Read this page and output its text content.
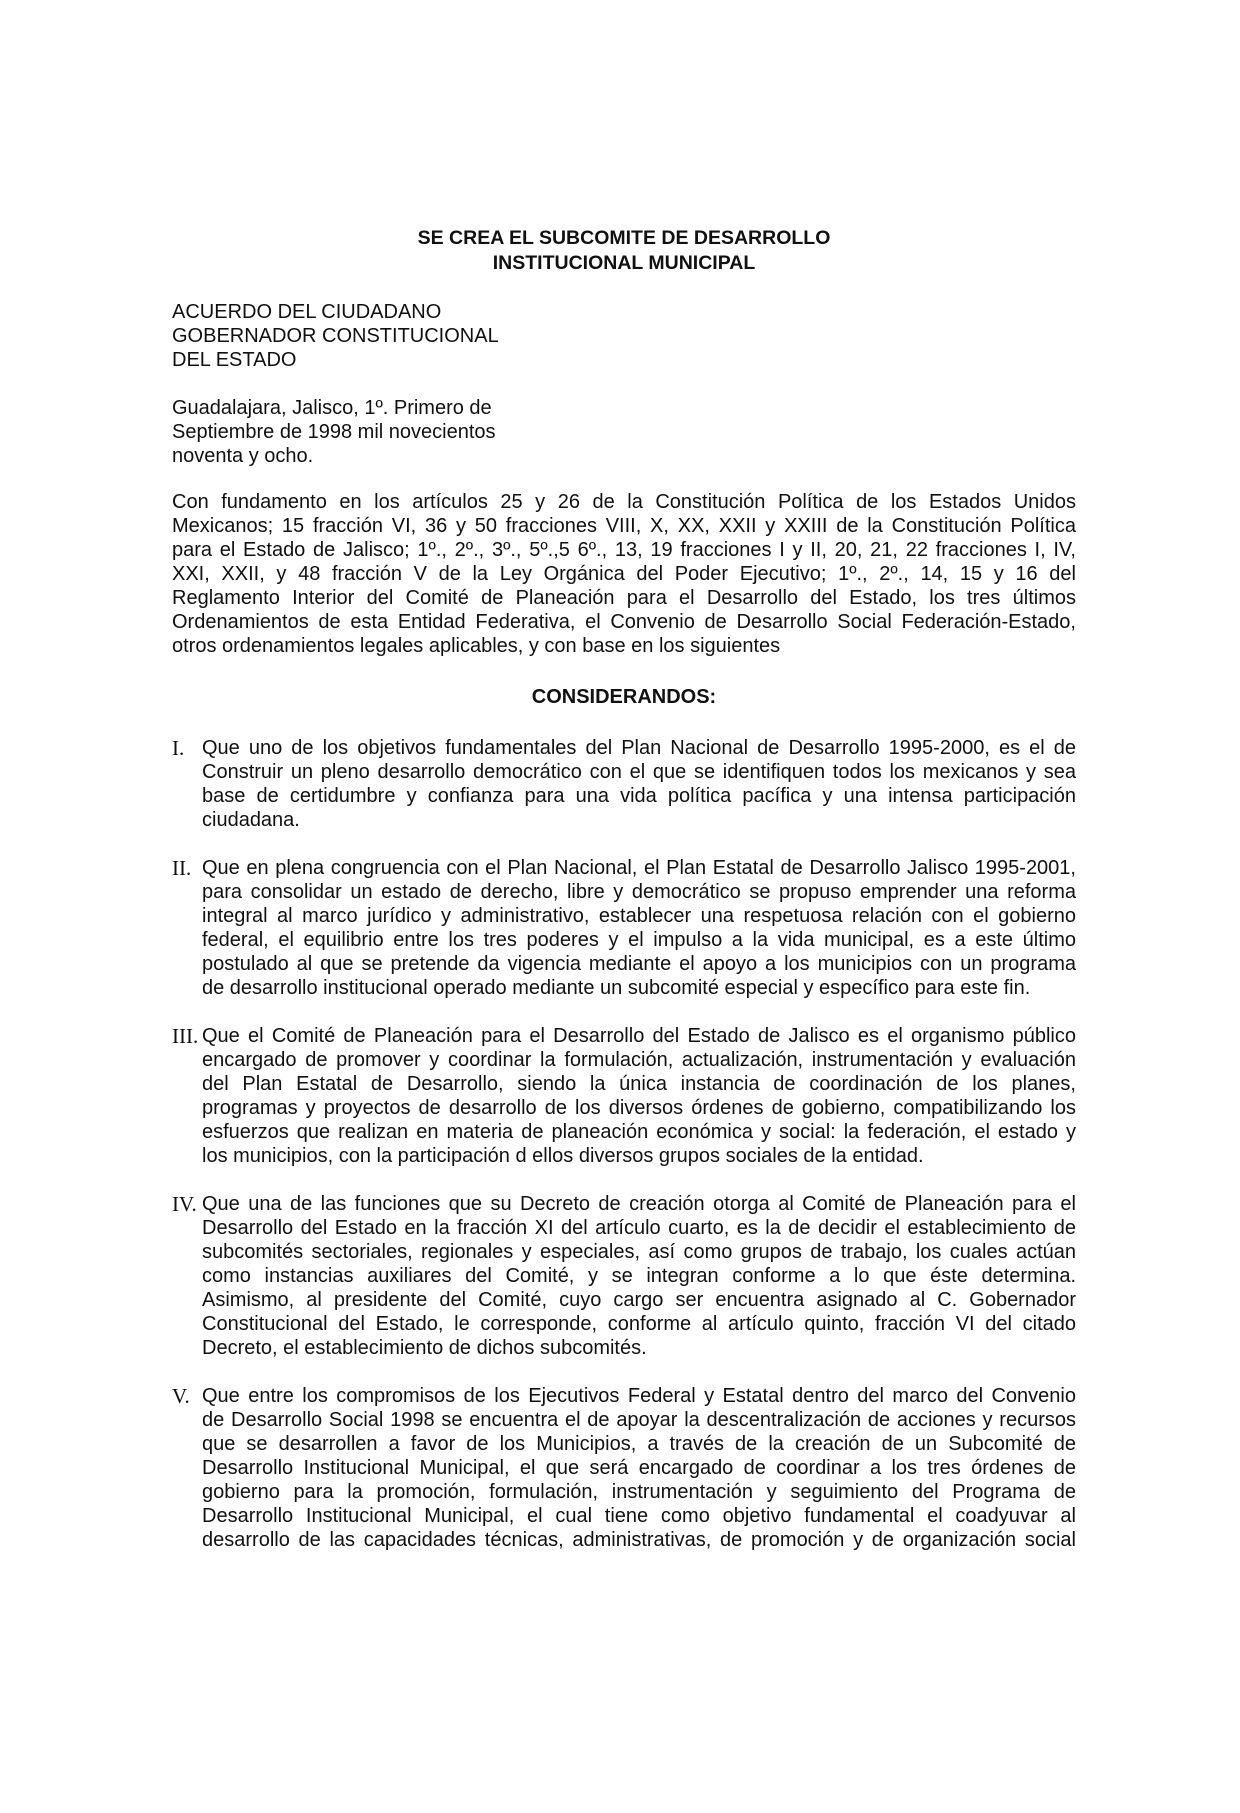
SE CREA EL SUBCOMITE DE DESARROLLO
INSTITUCIONAL MUNICIPAL
ACUERDO DEL CIUDADANO
GOBERNADOR CONSTITUCIONAL
DEL ESTADO
Guadalajara, Jalisco, 1º. Primero de
Septiembre de 1998 mil novecientos
noventa y ocho.
Con fundamento en los artículos 25 y 26 de la Constitución Política de los Estados Unidos
Mexicanos; 15 fracción VI, 36 y 50 fracciones VIII, X, XX, XXII y XXIII de la Constitución Política
para el Estado de Jalisco; 1º., 2º., 3º., 5º.,5 6º., 13, 19 fracciones I y II, 20, 21, 22 fracciones I, IV,
XXI, XXII, y 48 fracción V de la Ley Orgánica del Poder Ejecutivo; 1º., 2º., 14, 15 y 16 del
Reglamento Interior del Comité de Planeación para el Desarrollo del Estado, los tres últimos
Ordenamientos de esta Entidad Federativa, el Convenio de Desarrollo Social Federación-Estado,
otros ordenamientos legales aplicables, y con base en los siguientes
CONSIDERANDOS:
I. Que uno de los objetivos fundamentales del Plan Nacional de Desarrollo 1995-2000, es el de
Construir un pleno desarrollo democrático con el que se identifiquen todos los mexicanos y sea
base de certidumbre y confianza para una vida política pacífica y una intensa participación
ciudadana.
II. Que en plena congruencia con el Plan Nacional, el Plan Estatal de Desarrollo Jalisco 1995-2001,
para consolidar un estado de derecho, libre y democrático se propuso emprender una reforma
integral al marco jurídico y administrativo, establecer una respetuosa relación con el gobierno
federal, el equilibrio entre los tres poderes y el impulso a la vida municipal, es a este último
postulado al que se pretende da vigencia mediante el apoyo a los municipios con un programa
de desarrollo institucional operado mediante un subcomité especial y específico para este fin.
III. Que el Comité de Planeación para el Desarrollo del Estado de Jalisco es el organismo público
encargado de promover y coordinar la formulación, actualización, instrumentación y evaluación
del Plan Estatal de Desarrollo, siendo la única instancia de coordinación de los planes,
programas y proyectos de desarrollo de los diversos órdenes de gobierno, compatibilizando los
esfuerzos que realizan en materia de planeación económica y social: la federación, el estado y
los municipios, con la participación d ellos diversos grupos sociales de la entidad.
IV. Que una de las funciones que su Decreto de creación otorga al Comité de Planeación para el
Desarrollo del Estado en la fracción XI del artículo cuarto, es la de decidir el establecimiento de
subcomités sectoriales, regionales y especiales, así como grupos de trabajo, los cuales actúan
como instancias auxiliares del Comité, y se integran conforme a lo que éste determina.
Asimismo, al presidente del Comité, cuyo cargo ser encuentra asignado al C. Gobernador
Constitucional del Estado, le corresponde, conforme al artículo quinto, fracción VI del citado
Decreto, el establecimiento de dichos subcomités.
V. Que entre los compromisos de los Ejecutivos Federal y Estatal dentro del marco del Convenio
de Desarrollo Social 1998 se encuentra el de apoyar la descentralización de acciones y recursos
que se desarrollen a favor de los Municipios, a través de la creación de un Subcomité de
Desarrollo Institucional Municipal, el que será encargado de coordinar a los tres órdenes de
gobierno para la promoción, formulación, instrumentación y seguimiento del Programa de
Desarrollo Institucional Municipal, el cual tiene como objetivo fundamental el coadyuvar al
desarrollo de las capacidades técnicas, administrativas, de promoción y de organización social
